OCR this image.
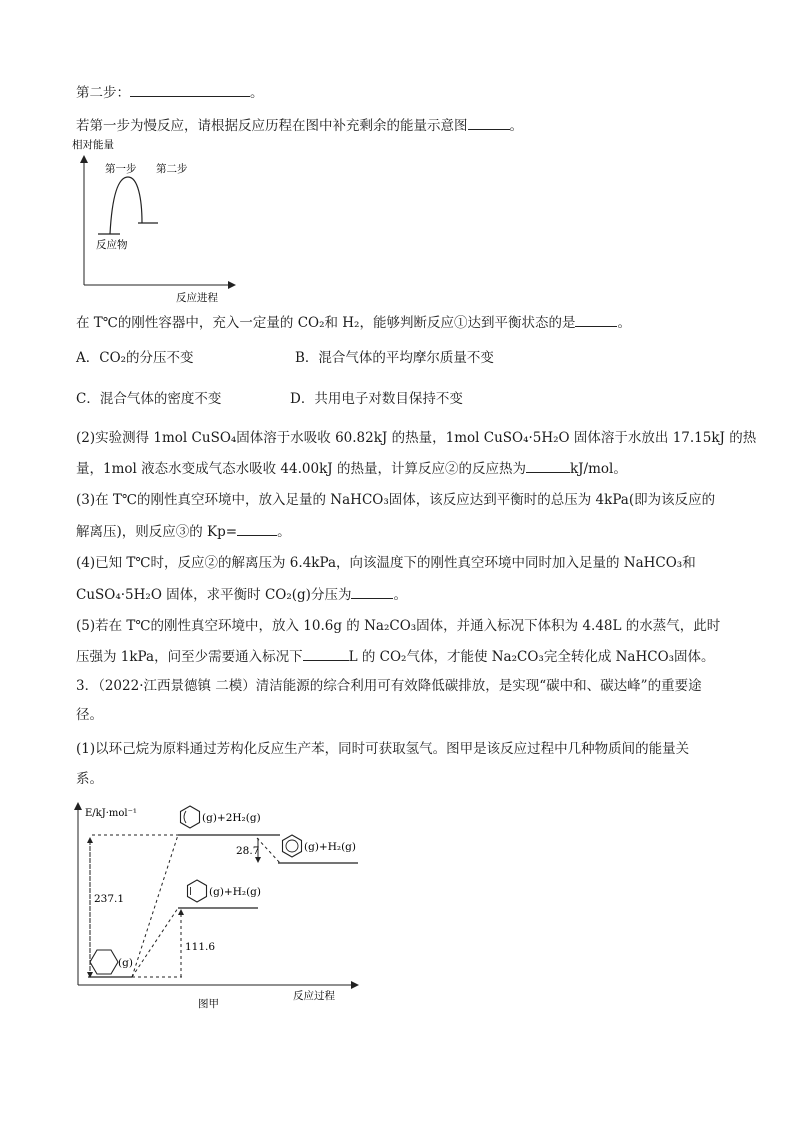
第二步：	。
若第一步为慢反应，请根据反应历程在图中补充剩余的能量示意图	。
相对能量
第一步 第二步
反应物
反应进程
在 T℃的刚性容器中，充入一定量的 CO₂和 H₂，能够判断反应①达到平衡状态的是	。
A．CO₂的分压不变	B．混合气体的平均摩尔质量不变
C．混合气体的密度不变	D．共用电子对数目保持不变
(2)实验测得 1mol CuSO₄固体溶于水吸收 60.82kJ 的热量，1mol CuSO₄·5H₂O 固体溶于水放出 17.15kJ 的热
量，1mol 液态水变成气态水吸收 44.00kJ 的热量，计算反应②的反应热为	kJ/mol。
(3)在 T℃的刚性真空环境中，放入足量的 NaHCO₃固体，该反应达到平衡时的总压为 4kPa(即为该反应的
解离压)，则反应③的 Kp=	。
(4)已知 T℃时，反应②的解离压为 6.4kPa，向该温度下的刚性真空环境中同时加入足量的 NaHCO₃和
CuSO₄·5H₂O 固体，求平衡时 CO₂(g)分压为	。
(5)若在 T℃的刚性真空环境中，放入 10.6g 的 Na₂CO₃固体，并通入标况下体积为 4.48L 的水蒸气，此时
压强为 1kPa，问至少需要通入标况下	L 的 CO₂气体，才能使 Na₂CO₃完全转化成 NaHCO₃固体。
3．（2022·江西景德镇 二模）清洁能源的综合利用可有效降低碳排放，是实现“碳中和、碳达峰”的重要途
径。
(1)以环己烷为原料通过芳构化反应生产苯，同时可获取氢气。图甲是该反应过程中几种物质间的能量关
系。
E/kJ·mol⁻¹
237.1
111.6
28.7
(g)+2H₂(g)
(g)+H₂(g)
(g)+H₂(g)
(g)
图甲
反应过程
